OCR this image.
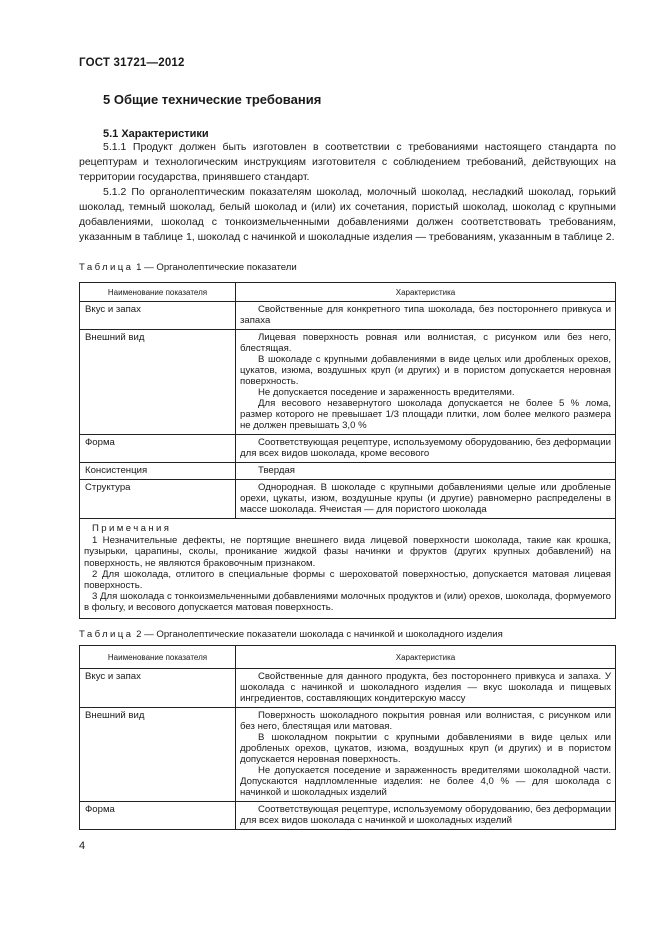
ГОСТ 31721—2012
5 Общие технические требования
5.1 Характеристики

5.1.1 Продукт должен быть изготовлен в соответствии с требованиями настоящего стандарта по рецептурам и технологическим инструкциям изготовителя с соблюдением требований, действующих на территории государства, принявшего стандарт.

5.1.2 По органолептическим показателям шоколад, молочный шоколад, несладкий шоколад, горький шоколад, темный шоколад, белый шоколад и (или) их сочетания, пористый шоколад, шоколад с крупными добавлениями, шоколад с тонкоизмельченными добавлениями должен соответствовать требованиям, указанным в таблице 1, шоколад с начинкой и шоколадные изделия — требованиям, указанным в таблице 2.

Таблица 1 — Органолептические показатели
Наименование показателя	Характеристика
Вкус и запах	Свойственные для конкретного типа шоколада, без постороннего привкуса и запаха

Внешний вид	Лицевая поверхность ровная или волнистая, с рисунком или без него, блестящая.

В шоколаде с крупными добавлениями в виде целых или дробленых орехов, цукатов, изюма, воздушных круп (и других) и в пористом допускается неровная поверхность.

Не допускается поседение и зараженность вредителями.

Для весового незавернутого шоколада допускается не более 5 % лома, размер которого не превышает 1/3 площади плитки, лом более мелкого размера не должен превышать 3,0 %

Форма	Соответствующая рецептуре, используемому оборудованию, без деформации для всех видов шоколада, кроме весового

Консистенция	Твердая

Структура	Однородная. В шоколаде с крупными добавлениями целые или дробленые орехи, цукаты, изюм, воздушные крупы (и другие) равномерно распределены в массе шоколада. Ячеистая — для пористого шоколада

Примечания

1 Незначительные дефекты, не портящие внешнего вида лицевой поверхности шоколада, такие как крошка, пузырьки, царапины, сколы, проникание жидкой фазы начинки и фруктов (других крупных добавлений) на поверхность, не являются браковочным признаком.

2 Для шоколада, отлитого в специальные формы с шероховатой поверхностью, допускается матовая лицевая поверхность.

3 Для шоколада с тонкоизмельченными добавлениями молочных продуктов и (или) орехов, шоколада, формуемого в фольгу, и весового допускается матовая поверхность.	

Таблица 2 — Органолептические показатели шоколада с начинкой и шоколадного изделия
Наименование показателя	Характеристика
Вкус и запах	Свойственные для данного продукта, без постороннего привкуса и запаха. У шоколада с начинкой и шоколадного изделия — вкус шоколада и пищевых ингредиентов, составляющих кондитерскую массу

Внешний вид	Поверхность шоколадного покрытия ровная или волнистая, с рисунком или без него, блестящая или матовая.

В шоколадном покрытии с крупными добавлениями в виде целых или дробленых орехов, цукатов, изюма, воздушных круп (и других) и в пористом допускается неровная поверхность.

Не допускается поседение и зараженность вредителями шоколадной части. Допускаются надпломленные изделия: не более 4,0 % — для шоколада с начинкой и шоколадных изделий

Форма	Соответствующая рецептуре, используемому оборудованию, без деформации для всех видов шоколада с начинкой и шоколадных изделий

4
